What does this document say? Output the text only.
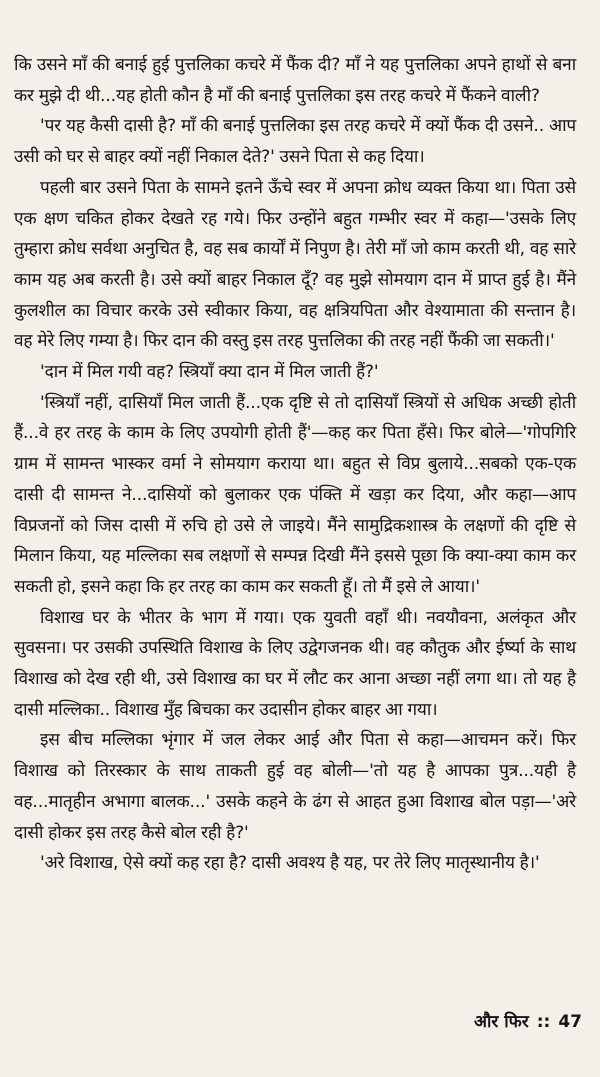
कि उसने माँ की बनाई हुई पुत्तलिका कचरे में फैंक दी? माँ ने यह पुत्तलिका अपने हाथों से बना कर मुझे दी थी...यह होती कौन है माँ की बनाई पुत्तलिका इस तरह कचरे में फैंकने वाली?

'पर यह कैसी दासी है? माँ की बनाई पुत्तलिका इस तरह कचरे में क्यों फैंक दी उसने.. आप उसी को घर से बाहर क्यों नहीं निकाल देते?' उसने पिता से कह दिया।

पहली बार उसने पिता के सामने इतने ऊँचे स्वर में अपना क्रोध व्यक्त किया था। पिता उसे एक क्षण चकित होकर देखते रह गये। फिर उन्होंने बहुत गम्भीर स्वर में कहा—'उसके लिए तुम्हारा क्रोध सर्वथा अनुचित है, वह सब कार्यों में निपुण है। तेरी माँ जो काम करती थी, वह सारे काम यह अब करती है। उसे क्यों बाहर निकाल दूँ? वह मुझे सोमयाग दान में प्राप्त हुई है। मैंने कुलशील का विचार करके उसे स्वीकार किया, वह क्षत्रियपिता और वेश्यामाता की सन्तान है। वह मेरे लिए गम्या है। फिर दान की वस्तु इस तरह पुत्तलिका की तरह नहीं फैंकी जा सकती।'

'दान में मिल गयी वह? स्त्रियाँ क्या दान में मिल जाती हैं?'

'स्त्रियाँ नहीं, दासियाँ मिल जाती हैं...एक दृष्टि से तो दासियाँ स्त्रियों से अधिक अच्छी होती हैं...वे हर तरह के काम के लिए उपयोगी होती हैं'—कह कर पिता हँसे। फिर बोले—'गोपगिरि ग्राम में सामन्त भास्कर वर्मा ने सोमयाग कराया था। बहुत से विप्र बुलाये...सबको एक-एक दासी दी सामन्त ने...दासियों को बुलाकर एक पंक्ति में खड़ा कर दिया, और कहा—आप विप्रजनों को जिस दासी में रुचि हो उसे ले जाइये। मैंने सामुद्रिकशास्त्र के लक्षणों की दृष्टि से मिलान किया, यह मल्लिका सब लक्षणों से सम्पन्न दिखी मैंने इससे पूछा कि क्या-क्या काम कर सकती हो, इसने कहा कि हर तरह का काम कर सकती हूँ। तो मैं इसे ले आया।'

विशाख घर के भीतर के भाग में गया। एक युवती वहाँ थी। नवयौवना, अलंकृत और सुवसना। पर उसकी उपस्थिति विशाख के लिए उद्वेगजनक थी। वह कौतुक और ईर्ष्या के साथ विशाख को देख रही थी, उसे विशाख का घर में लौट कर आना अच्छा नहीं लगा था। तो यह है दासी मल्लिका.. विशाख मुँह बिचका कर उदासीन होकर बाहर आ गया।

इस बीच मल्लिका भृंगार में जल लेकर आई और पिता से कहा—आचमन करें। फिर विशाख को तिरस्कार के साथ ताकती हुई वह बोली—'तो यह है आपका पुत्र...यही है वह...मातृहीन अभागा बालक...' उसके कहने के ढंग से आहत हुआ विशाख बोल पड़ा—'अरे दासी होकर इस तरह कैसे बोल रही है?'

'अरे विशाख, ऐसे क्यों कह रहा है? दासी अवश्य है यह, पर तेरे लिए मातृस्थानीय है।'

और फिर :: 47
